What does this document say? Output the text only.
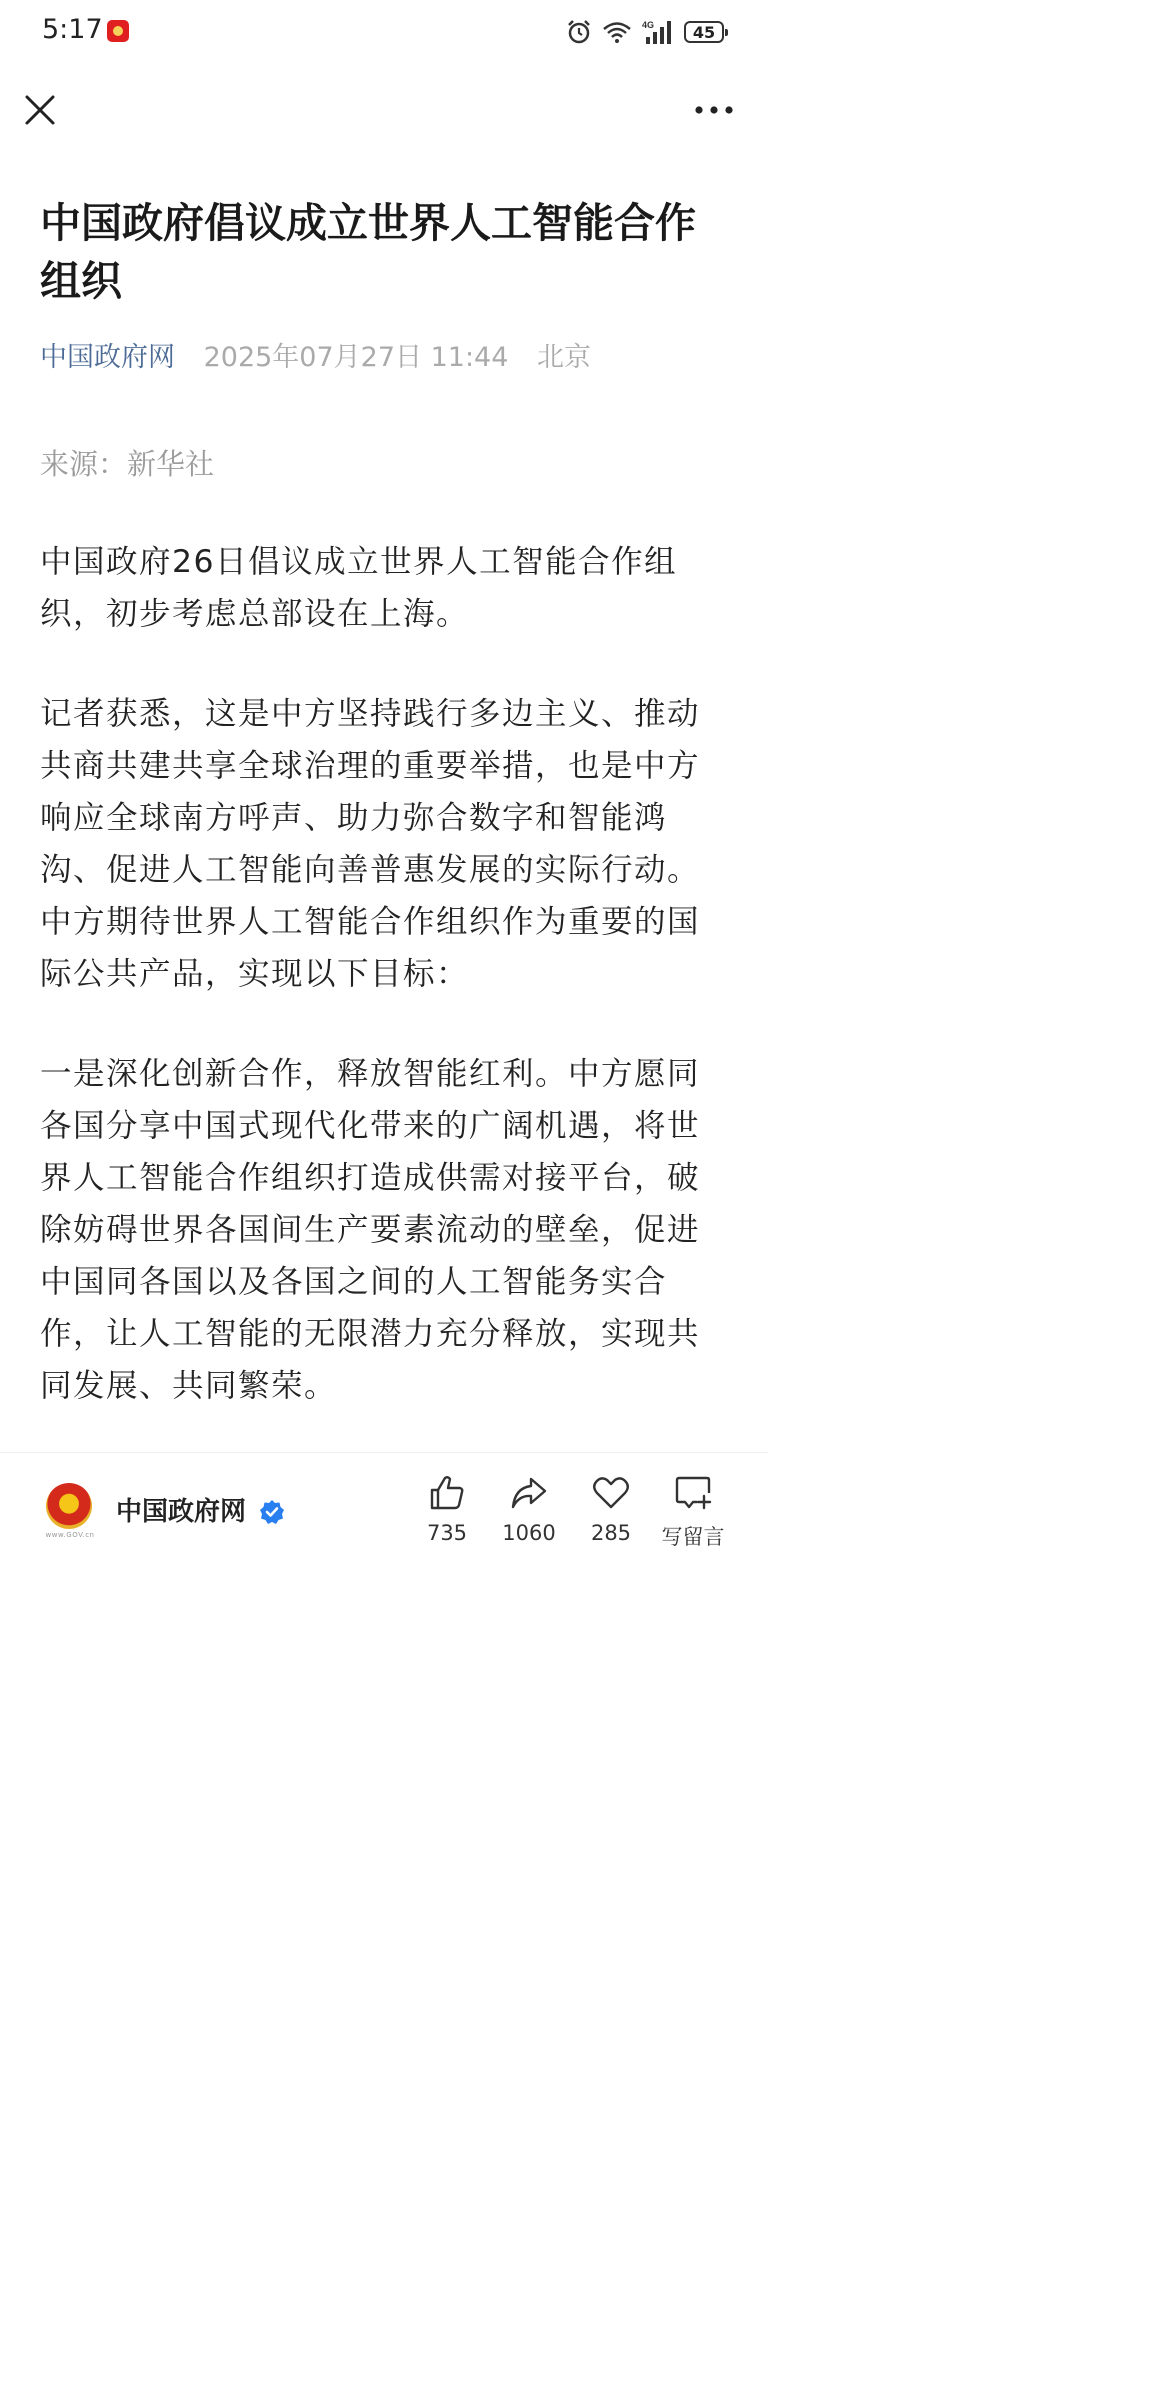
5:17	4G 45
中国政府倡议成立世界人工智能合作组织
中国政府网 2025年07月27日 11:44 北京
来源：新华社

中国政府26日倡议成立世界人工智能合作组织，初步考虑总部设在上海。

记者获悉，这是中方坚持践行多边主义、推动共商共建共享全球治理的重要举措，也是中方响应全球南方呼声、助力弥合数字和智能鸿沟、促进人工智能向善普惠发展的实际行动。中方期待世界人工智能合作组织作为重要的国际公共产品，实现以下目标：

一是深化创新合作，释放智能红利。中方愿同各国分享中国式现代化带来的广阔机遇，将世界人工智能合作组织打造成供需对接平台，破除妨碍世界各国间生产要素流动的壁垒，促进中国同各国以及各国之间的人工智能务实合作，让人工智能的无限潜力充分释放，实现共同发展、共同繁荣。

www.GOV.cn
中国政府网
735	1060	285	写留言
